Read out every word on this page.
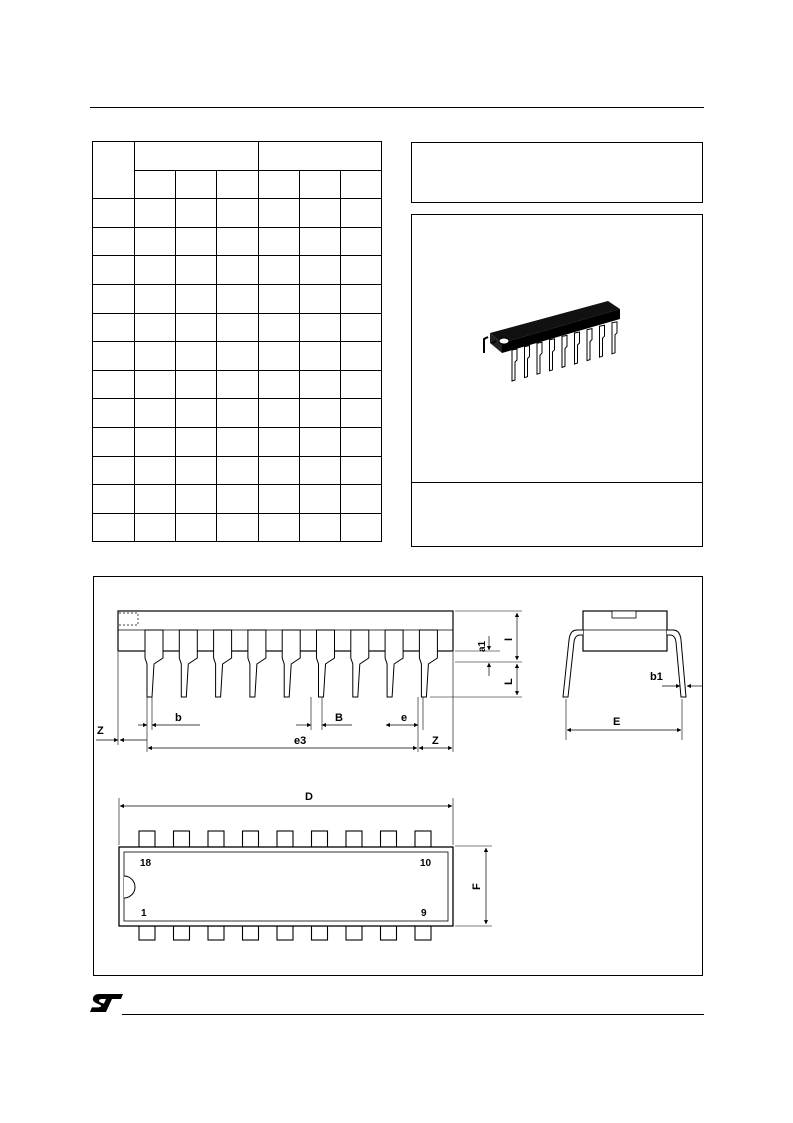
I
a1
L
b	B	e
Z
e3	Z
b1
E
D
18	10
1	9
F
